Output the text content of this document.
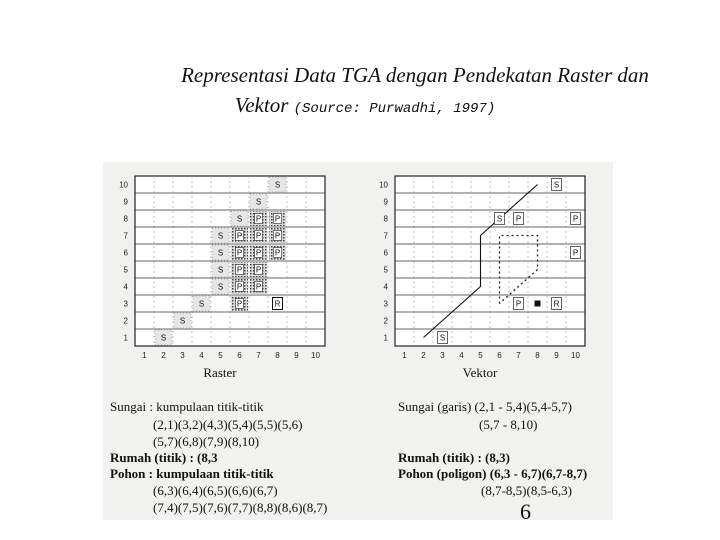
Representasi Data TGA dengan Pendekatan Raster dan
Vektor (Source: Purwadhi, 1997)
10
9
8
7
6
5
4
3
2
1
1 2 3 4 5 6 7 8 9 10
Raster
S
S
S
S
S
S
S
S
S
S
P
P
P
P
P
P
P
P
P
P
P
P
P
R
10
9
8
7
6
5
4
3
2
1
1 2 3 4 5 6 7 8 9 10
Vektor
S
S
S
P	P
P
P	R
Sungai : kumpulaan titik-titik
(2,1)(3,2)(4,3)(5,4)(5,5)(5,6)
(5,7)(6,8)(7,9)(8,10)
Rumah (titik) : (8,3
Pohon : kumpulaan titik-titik
(6,3)(6,4)(6,5)(6,6)(6,7)
(7,4)(7,5)(7,6)(7,7)(8,8)(8,6)(8,7)
Sungai (garis) (2,1 - 5,4)(5,4-5,7)
(5,7 - 8,10)
Rumah (titik) : (8,3)
Pohon (poligon) (6,3 - 6,7)(6,7-8,7)
(8,7-8,5)(8,5-6,3)
6
